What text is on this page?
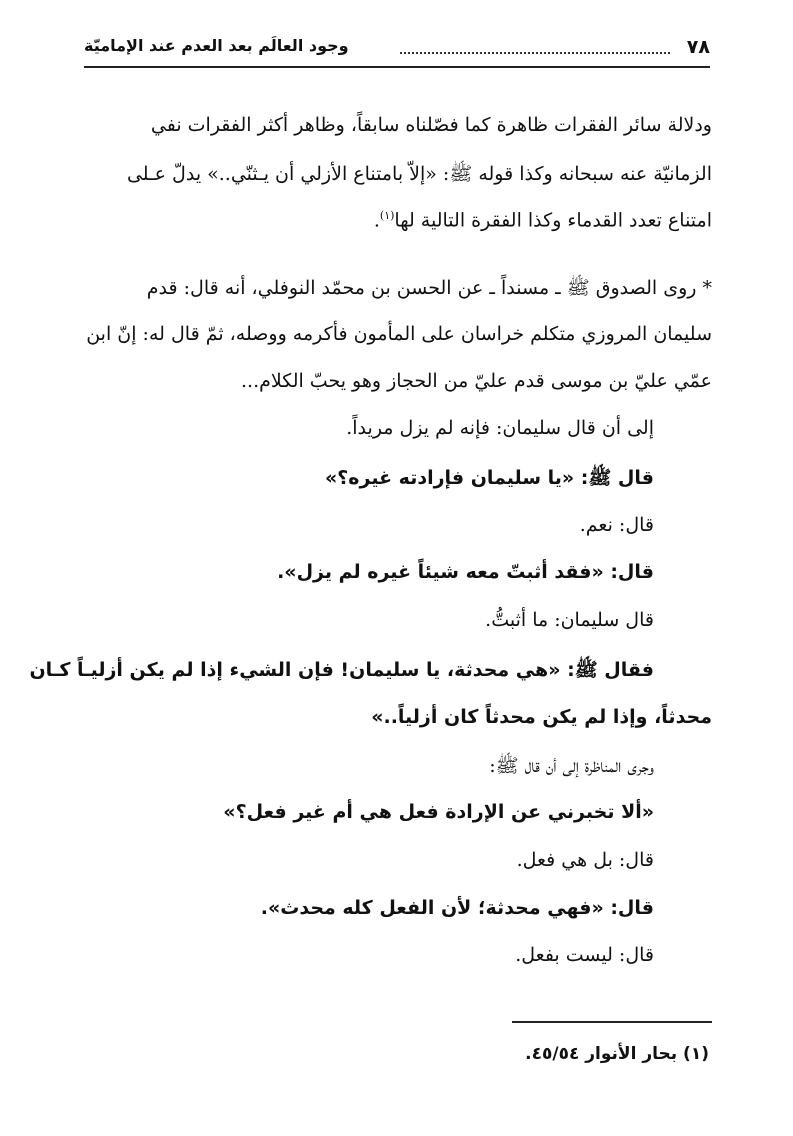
٧٨
وجود العالَم بعد العدم عند الإماميّة
ودلالة سائر الفقرات ظاهرة كما فصّلناه سابقاً، وظاهر أكثر الفقرات نفي
الزمانيّة عنه سبحانه وكذا قوله ﷺ: «إلاّ بامتناع الأزلي أن يـثنّي..» يدلّ عـلى
امتناع تعدد القدماء وكذا الفقرة التالية لها$^{(١)}$.
* روى الصدوق ﷺ ـ مسنداً ـ عن الحسن بن محمّد النوفلي، أنه قال: قدم
سليمان المروزي متكلم خراسان على المأمون فأكرمه ووصله، ثمّ قال له: إنّ ابن
عمّي عليّ بن موسى قدم عليّ من الحجاز وهو يحبّ الكلام...
إلى أن قال سليمان: فإنه لم يزل مريداً.
قال ﷺ: «يا سليمان فإرادته غيره؟»
قال: نعم.
قال: «فقد أثبتّ معه شيئاً غيره لم يزل».
قال سليمان: ما أثبتُّ.
فقال ﷺ: «هي محدثة، يا سليمان! فإن الشيء إذا لم يكن أزليـاً كـان
محدثاً، وإذا لم يكن محدثاً كان أزلياً..»
وجرى المناظرة إلى أن قال ﷺ:
«ألا تخبرني عن الإرادة فعل هي أم غير فعل؟»
قال: بل هي فعل.
قال: «فهي محدثة؛ لأن الفعل كله محدث».
قال: ليست بفعل.
(١) بحار الأنوار ٤٥/٥٤.
